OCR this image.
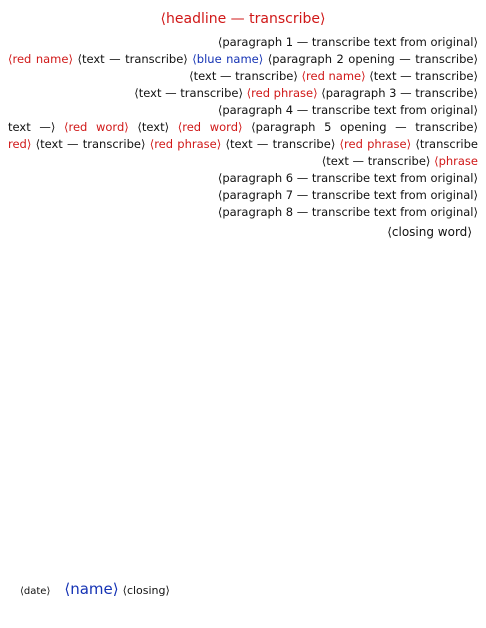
⟨headline — transcribe⟩

⟨paragraph 1 — transcribe text from original⟩

⟨paragraph 2 opening — transcribe⟩ ⟨blue name⟩ ⟨text — transcribe⟩ ⟨red name⟩ ⟨text — transcribe⟩ ⟨red name⟩ ⟨text — transcribe⟩

⟨paragraph 3 — transcribe⟩ ⟨red phrase⟩ ⟨text — transcribe⟩

⟨paragraph 4 — transcribe text from original⟩

⟨paragraph 5 opening — transcribe⟩ ⟨red word⟩ ⟨text⟩ ⟨red word⟩ ⟨text — transcribe⟩ ⟨red phrase⟩ ⟨text — transcribe⟩ ⟨red phrase⟩ ⟨text — transcribe⟩ ⟨red phrase⟩ ⟨text — transcribe⟩

⟨paragraph 6 — transcribe text from original⟩

⟨paragraph 7 — transcribe text from original⟩

⟨paragraph 8 — transcribe text from original⟩

⟨closing word⟩
⟨closing⟩⟨name⟩⟨date⟩
